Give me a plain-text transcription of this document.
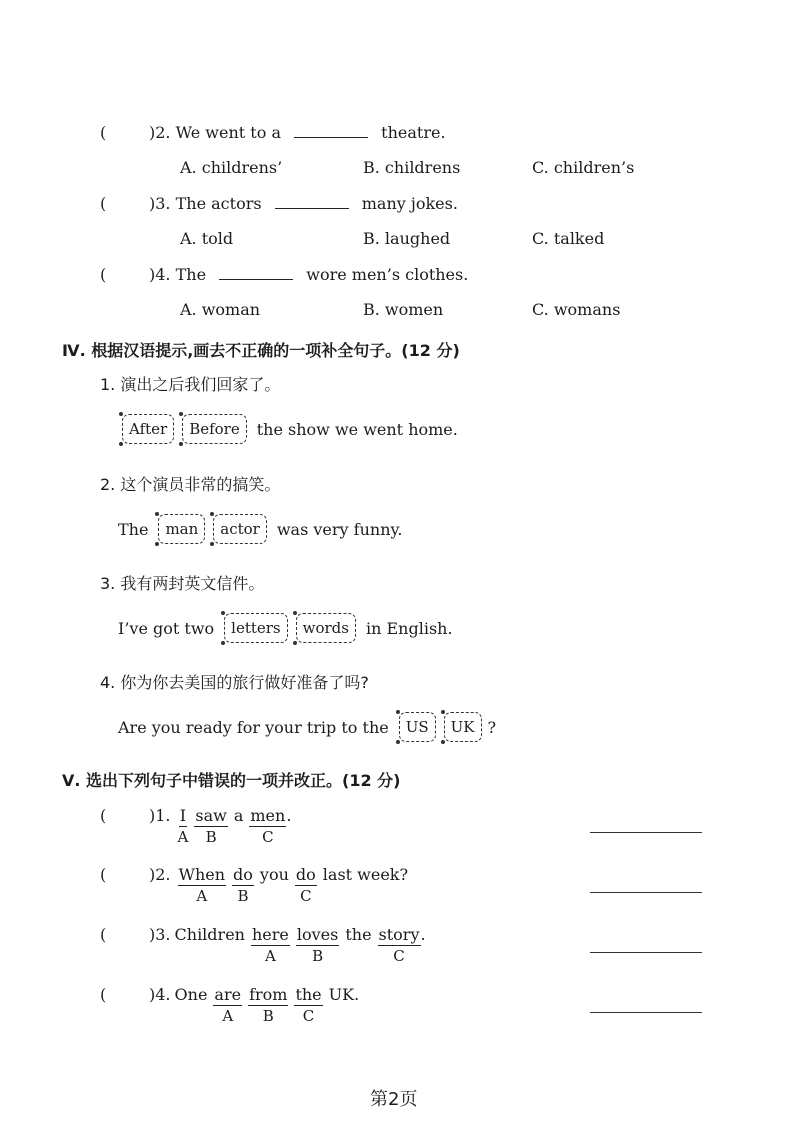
(	)2. We went to a	theatre.
A. childrens’	B. childrens	C. children’s
(	)3. The actors	many jokes.
A. told	B. laughed	C. talked
(	)4. The	wore men’s clothes.
A. woman	B. women	C. womans
Ⅳ. 根据汉语提示,画去不正确的一项补全句子。(12 分)
1. 演出之后我们回家了。
After	Before	the show we went home.
2. 这个演员非常的搞笑。
The	man	actor	was very funny.
3. 我有两封英文信件。
I’ve got two	letters	words	in English.
4. 你为你去美国的旅行做好准备了吗?
Are you ready for your trip to the	US	UK ?
Ⅴ. 选出下列句子中错误的一项并改正。(12 分)
(	)1. I
A
saw
B
a men
C
.
(	)2. When
A
do
B
you do
C
last week?
(	)3. Children here
A
loves
B
the story
C
.
(	)4. One are
A
from
B
the
C
UK.
第2页
